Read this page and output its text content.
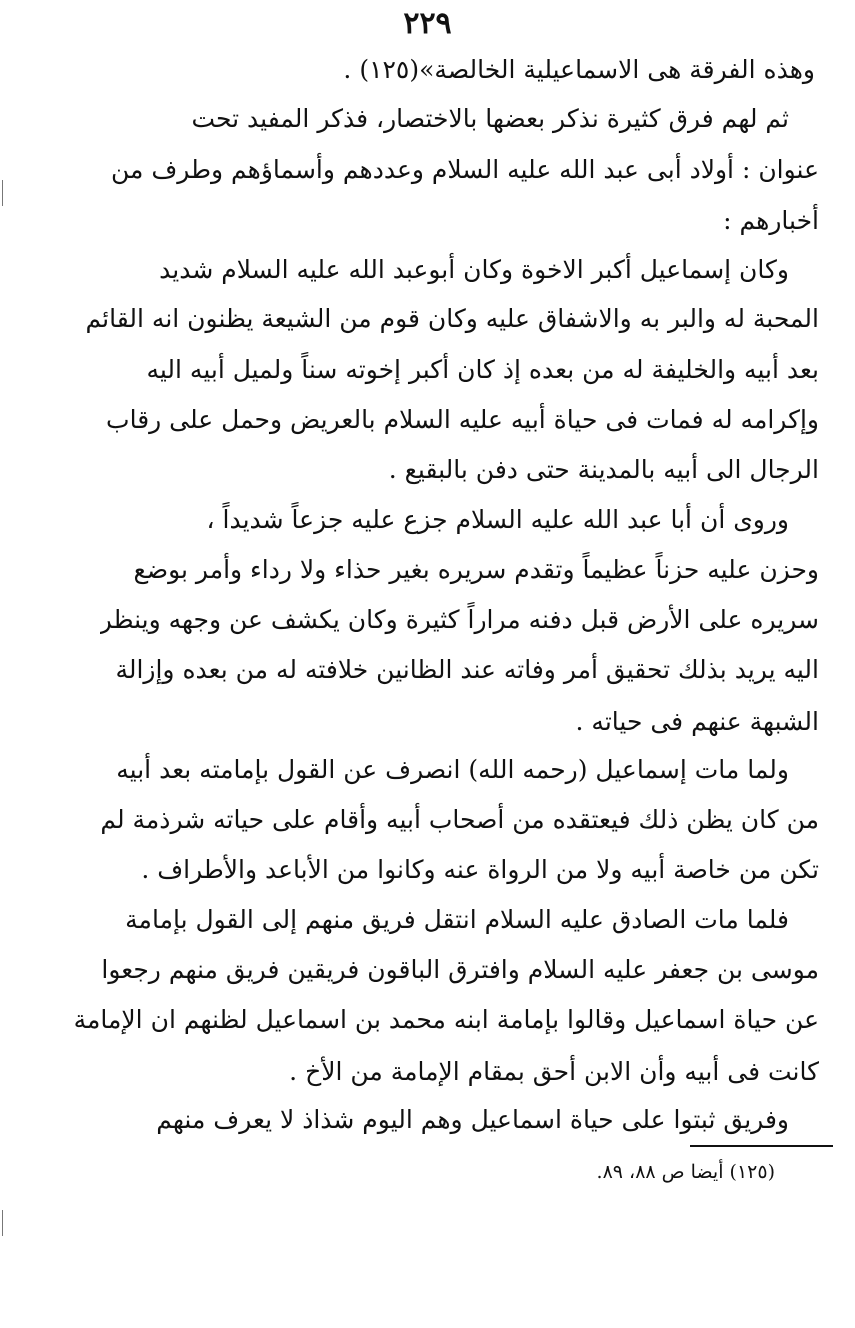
٢٢٩
وهذه الفرقة هى الاسماعيلية الخالصة»(١٢٥) .
ثم لهم فرق كثيرة نذكر بعضها بالاختصار، فذكر المفيد تحت
عنوان : أولاد أبى عبد الله عليه السلام وعددهم وأسماؤهم وطرف من
أخبارهم :
وكان إسماعيل أكبر الاخوة وكان أبوعبد الله عليه السلام شديد
المحبة له والبر به والاشفاق عليه وكان قوم من الشيعة يظنون انه القائم
بعد أبيه والخليفة له من بعده إذ كان أكبر إخوته سناً ولميل أبيه اليه
وإكرامه له فمات فى حياة أبيه عليه السلام بالعريض وحمل على رقاب
الرجال الى أبيه بالمدينة حتى دفن بالبقيع .
وروى أن أبا عبد الله عليه السلام جزع عليه جزعاً شديداً ،
وحزن عليه حزناً عظيماً وتقدم سريره بغير حذاء ولا رداء وأمر بوضع
سريره على الأرض قبل دفنه مراراً كثيرة وكان يكشف عن وجهه وينظر
اليه يريد بذلك تحقيق أمر وفاته عند الظانين خلافته له من بعده وإزالة
الشبهة عنهم فى حياته .
ولما مات إسماعيل (رحمه الله) انصرف عن القول بإمامته بعد أبيه
من كان يظن ذلك فيعتقده من أصحاب أبيه وأقام على حياته شرذمة لم
تكن من خاصة أبيه ولا من الرواة عنه وكانوا من الأباعد والأطراف .
فلما مات الصادق عليه السلام انتقل فريق منهم إلى القول بإمامة
موسى بن جعفر عليه السلام وافترق الباقون فريقين فريق منهم رجعوا
عن حياة اسماعيل وقالوا بإمامة ابنه محمد بن اسماعيل لظنهم ان الإمامة
كانت فى أبيه وأن الابن أحق بمقام الإمامة من الأخ .
وفريق ثبتوا على حياة اسماعيل وهم اليوم شذاذ لا يعرف منهم
(١٢٥) أيضا ص ٨٨، ٨٩.
